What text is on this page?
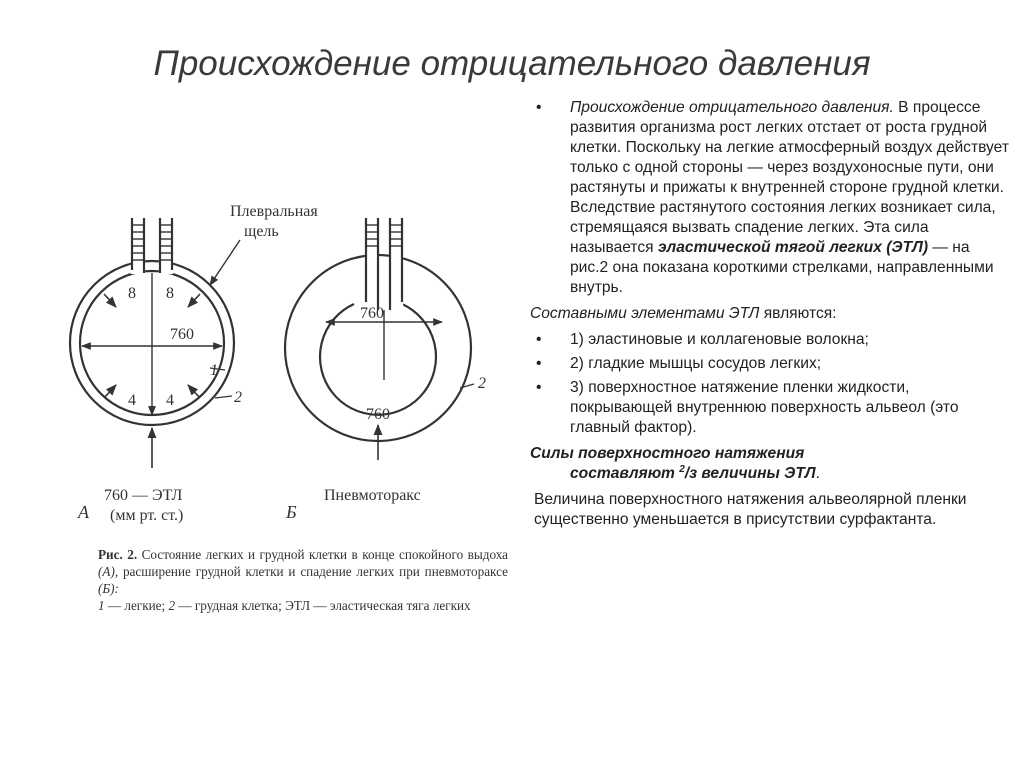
Происхождение отрицательного давления
Плевральная
щель
8 8
760
4 4
1
2
760
760
2
760 — ЭТЛ
(мм рт. ст.)
Пневмоторакс
А	Б
Рис. 2. Состояние легких и грудной клетки в конце спокойного выдоха (А), расширение грудной клетки и спадение легких при пневмотораксе (Б):
1 — легкие; 2 — грудная клетка; ЭТЛ — эластическая тяга легких
• Происхождение отрицательного давления. В процессе развития организма рост легких отстает от роста грудной клетки. Поскольку на легкие атмосферный воздух действует только с одной стороны — через воздухоносные пути, они растянуты и прижаты к внутренней стороне грудной клетки. Вследствие растянутого состояния легких возникает сила, стремящаяся вызвать спадение легких. Эта сила называется эластической тягой легких (ЭТЛ) — на рис.2 она показана короткими стрелками, направленными внутрь.
Составными элементами ЭТЛ являются:
• 1) эластиновые и коллагеновые волокна;
• 2) гладкие мышцы сосудов легких;
• 3) поверхностное натяжение пленки жидкости, покрывающей внутреннюю поверхность альвеол (это главный фактор).
Силы поверхностного натяжения
составляют $^2$/з величины ЭТЛ.
Величина поверхностного натяжения альвеолярной пленки существенно уменьшается в присутствии сурфактанта.
